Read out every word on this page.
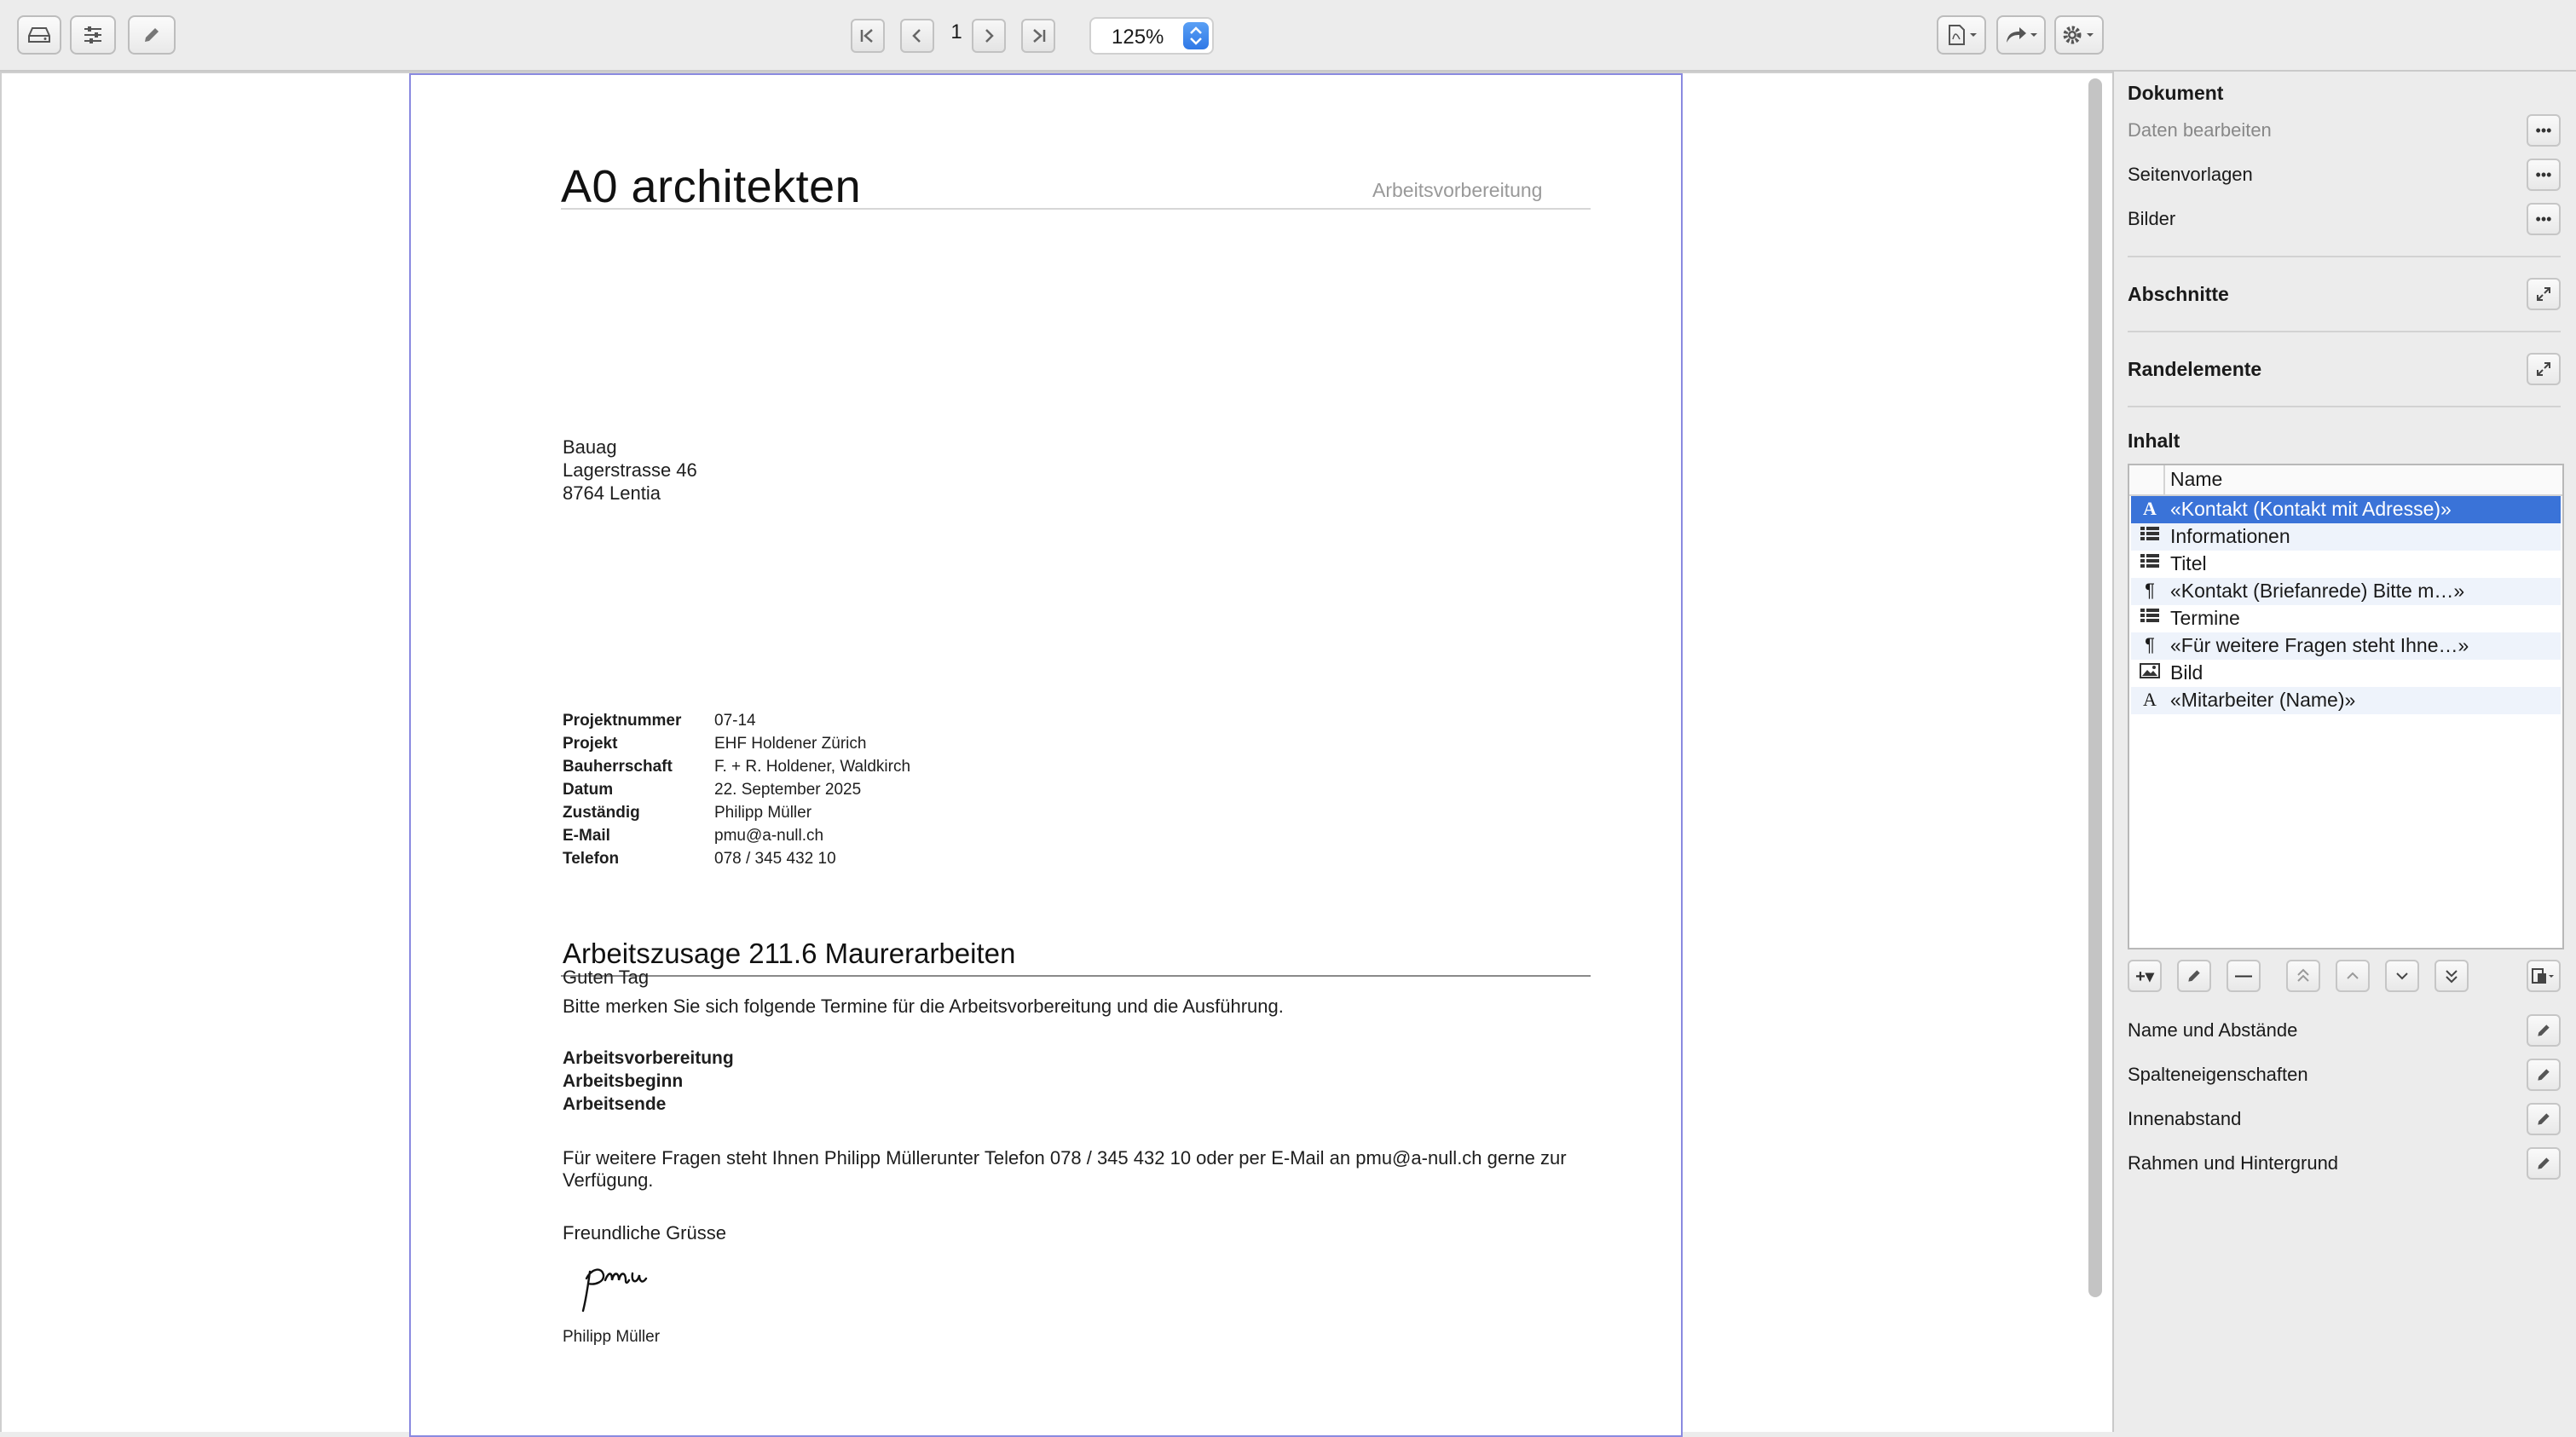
1	125%
A0 architekten	Arbeitsvorbereitung
Bauag
Lagerstrasse 46
8764 Lentia
Projektnummer 07-14
Projekt	EHF Holdener Zürich
Bauherrschaft	F. + R. Holdener, Waldkirch
Datum	22. September 2025
Zuständig	Philipp Müller
E-Mail	pmu@a-null.ch
Telefon	078 / 345 432 10
Arbeitszusage 211.6 Maurerarbeiten
Guten Tag
Bitte merken Sie sich folgende Termine für die Arbeitsvorbereitung und die Ausführung.
Arbeitsvorbereitung
Arbeitsbeginn
Arbeitsende
Für weitere Fragen steht Ihnen Philipp Müllerunter Telefon 078 / 345 432 10 oder per E-Mail an pmu@a-null.ch gerne zur
Verfügung.
Freundliche Grüsse
Philipp Müller
Dokument
Daten bearbeiten	•••
Seitenvorlagen	•••
Bilder	•••
Abschnitte
Randelemente
Inhalt
Name
A «Kontakt (Kontakt mit Adresse)»
Informationen
Titel
¶ «Kontakt (Briefanrede) Bitte m…»
Termine
¶ «Für weitere Fragen steht Ihne…»
Bild
A «Mitarbeiter (Name)»
+▾	—
Name und Abstände
Spalteneigenschaften
Innenabstand
Rahmen und Hintergrund
